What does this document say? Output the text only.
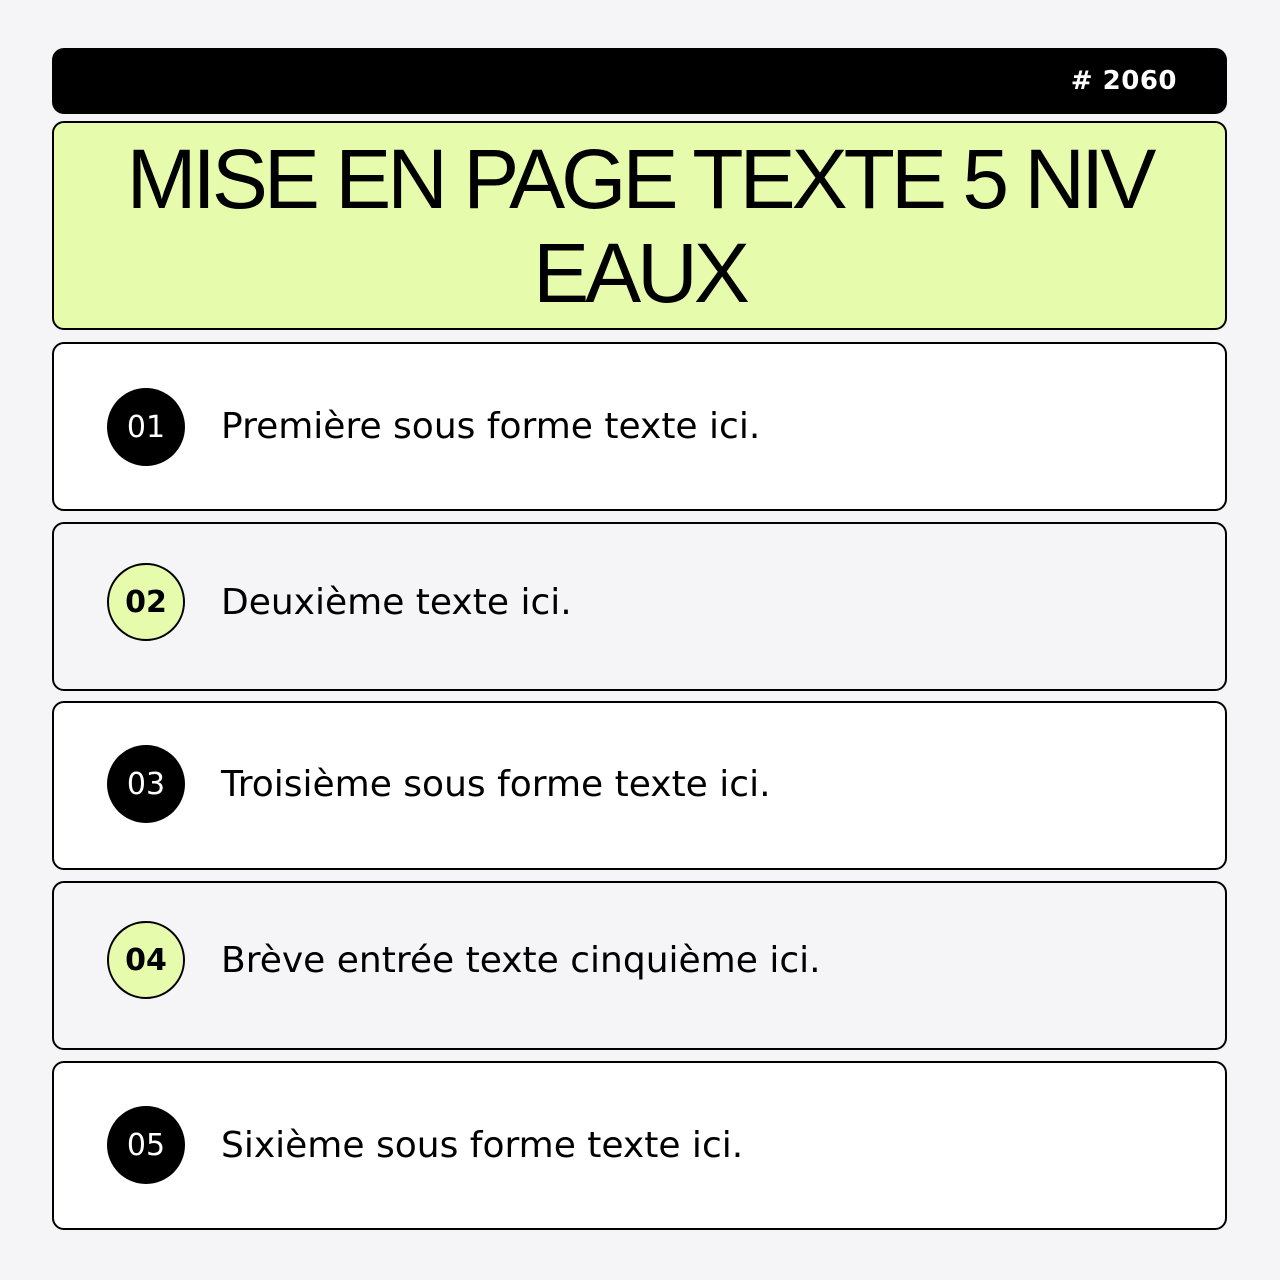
# 2060
MISE EN PAGE TEXTE 5 NIVEAUX
01	Première sous forme texte ici.
02	Deuxième texte ici.
03	Troisième sous forme texte ici.
04	Brève entrée texte cinquième ici.
05	Sixième sous forme texte ici.
